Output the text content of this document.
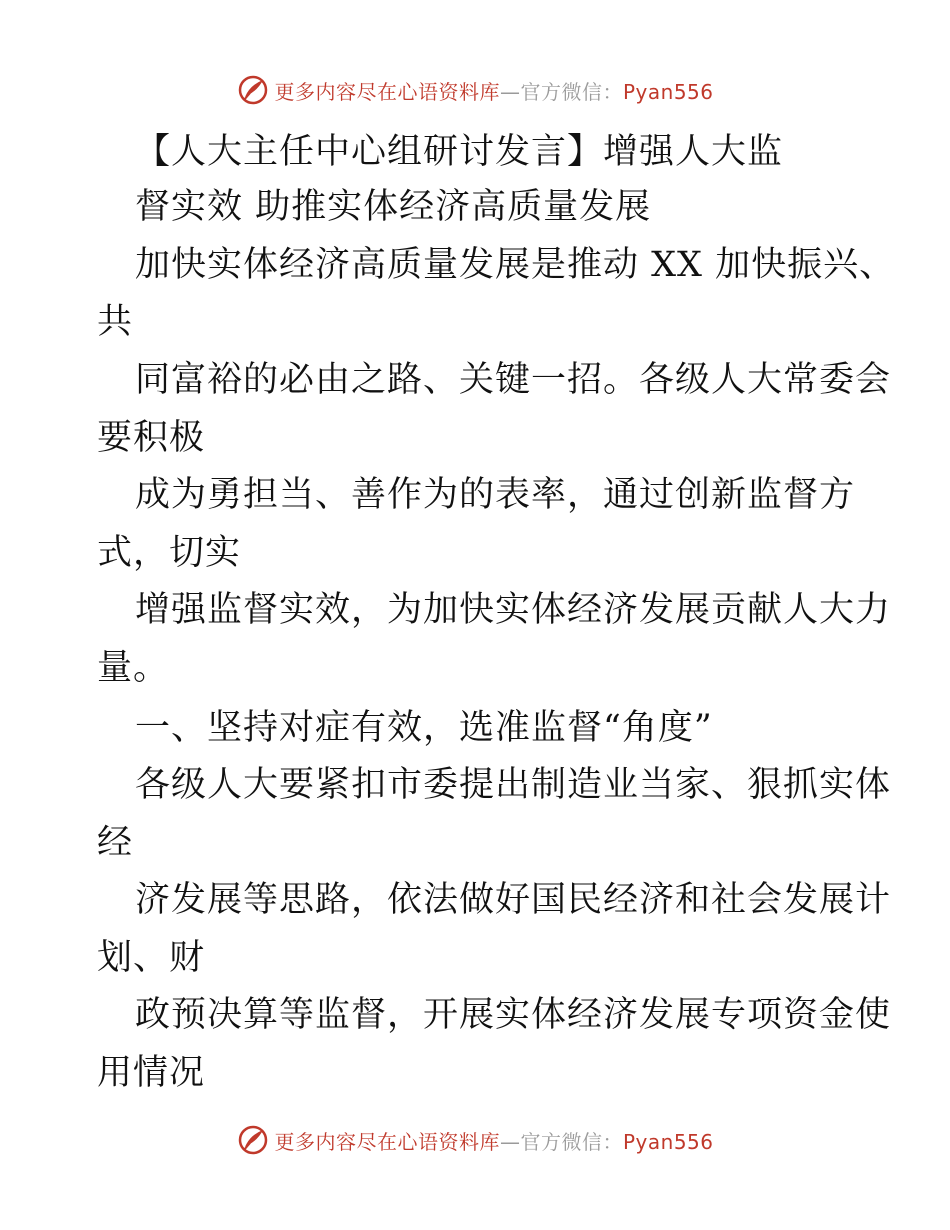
更多内容尽在心语资料库—官方微信：Pyan556
【人大主任中心组研讨发言】增强人大监
督实效 助推实体经济高质量发展
加快实体经济高质量发展是推动 XX 加快振兴、
共
同富裕的必由之路、关键一招。各级人大常委会
要积极
成为勇担当、善作为的表率，通过创新监督方
式，切实
增强监督实效，为加快实体经济发展贡献人大力
量。
一、坚持对症有效，选准监督“角度”
各级人大要紧扣市委提出制造业当家、狠抓实体
经
济发展等思路，依法做好国民经济和社会发展计
划、财
政预决算等监督，开展实体经济发展专项资金使
用情况
更多内容尽在心语资料库—官方微信：Pyan556
